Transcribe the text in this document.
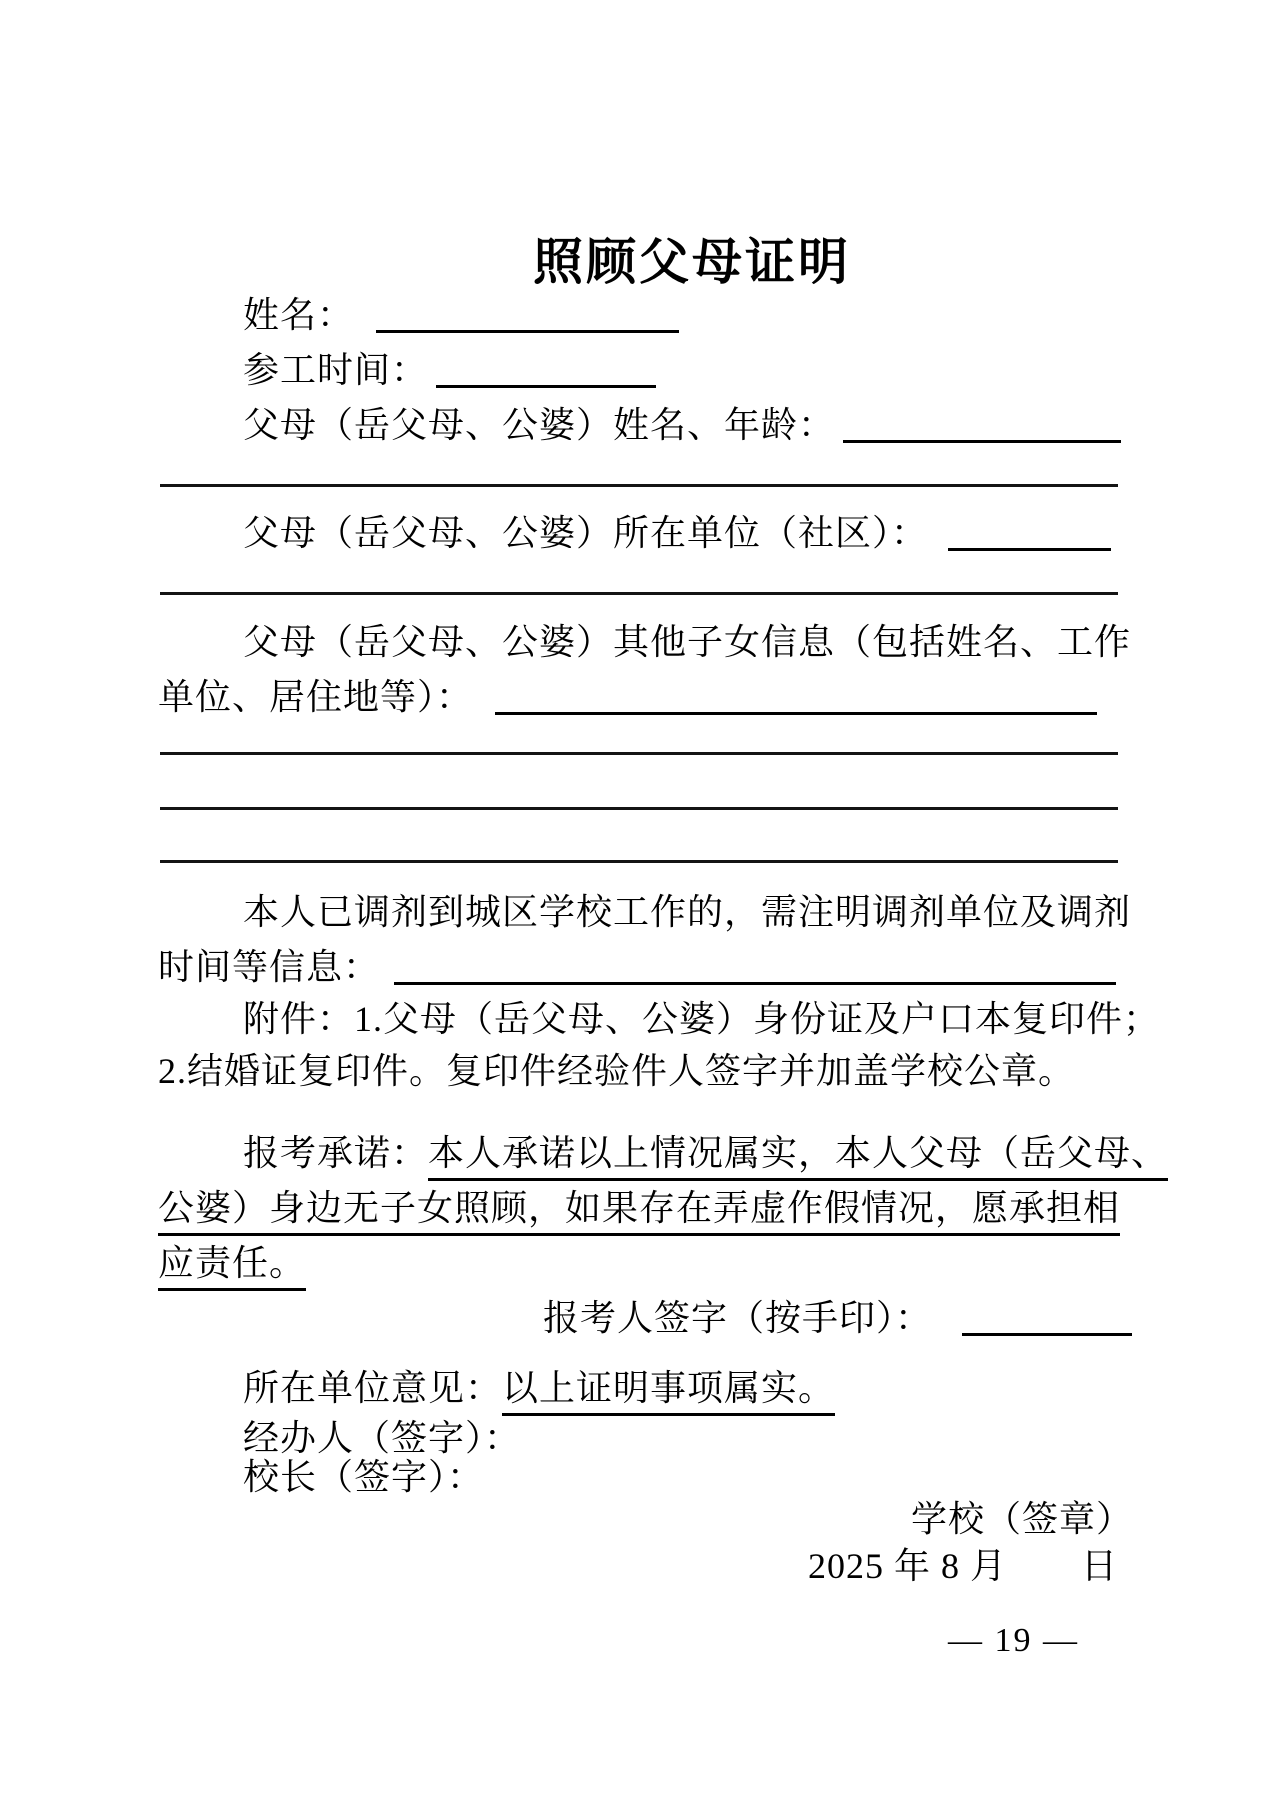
照顾父母证明
姓名：
参工时间：
父母（岳父母、公婆）姓名、年龄：
父母（岳父母、公婆）所在单位（社区）：
父母（岳父母、公婆）其他子女信息（包括姓名、工作
单位、居住地等）：
本人已调剂到城区学校工作的，需注明调剂单位及调剂
时间等信息：
附件：1.父母（岳父母、公婆）身份证及户口本复印件；
2.结婚证复印件。复印件经验件人签字并加盖学校公章。
报考承诺：本人承诺以上情况属实，本人父母（岳父母、
公婆）身边无子女照顾，如果存在弄虚作假情况，愿承担相
应责任。
报考人签字（按手印）：
所在单位意见：以上证明事项属实。
经办人（签字）：
校长（签字）：
学校（签章）
2025 年 8 月　　日
— 19 —
